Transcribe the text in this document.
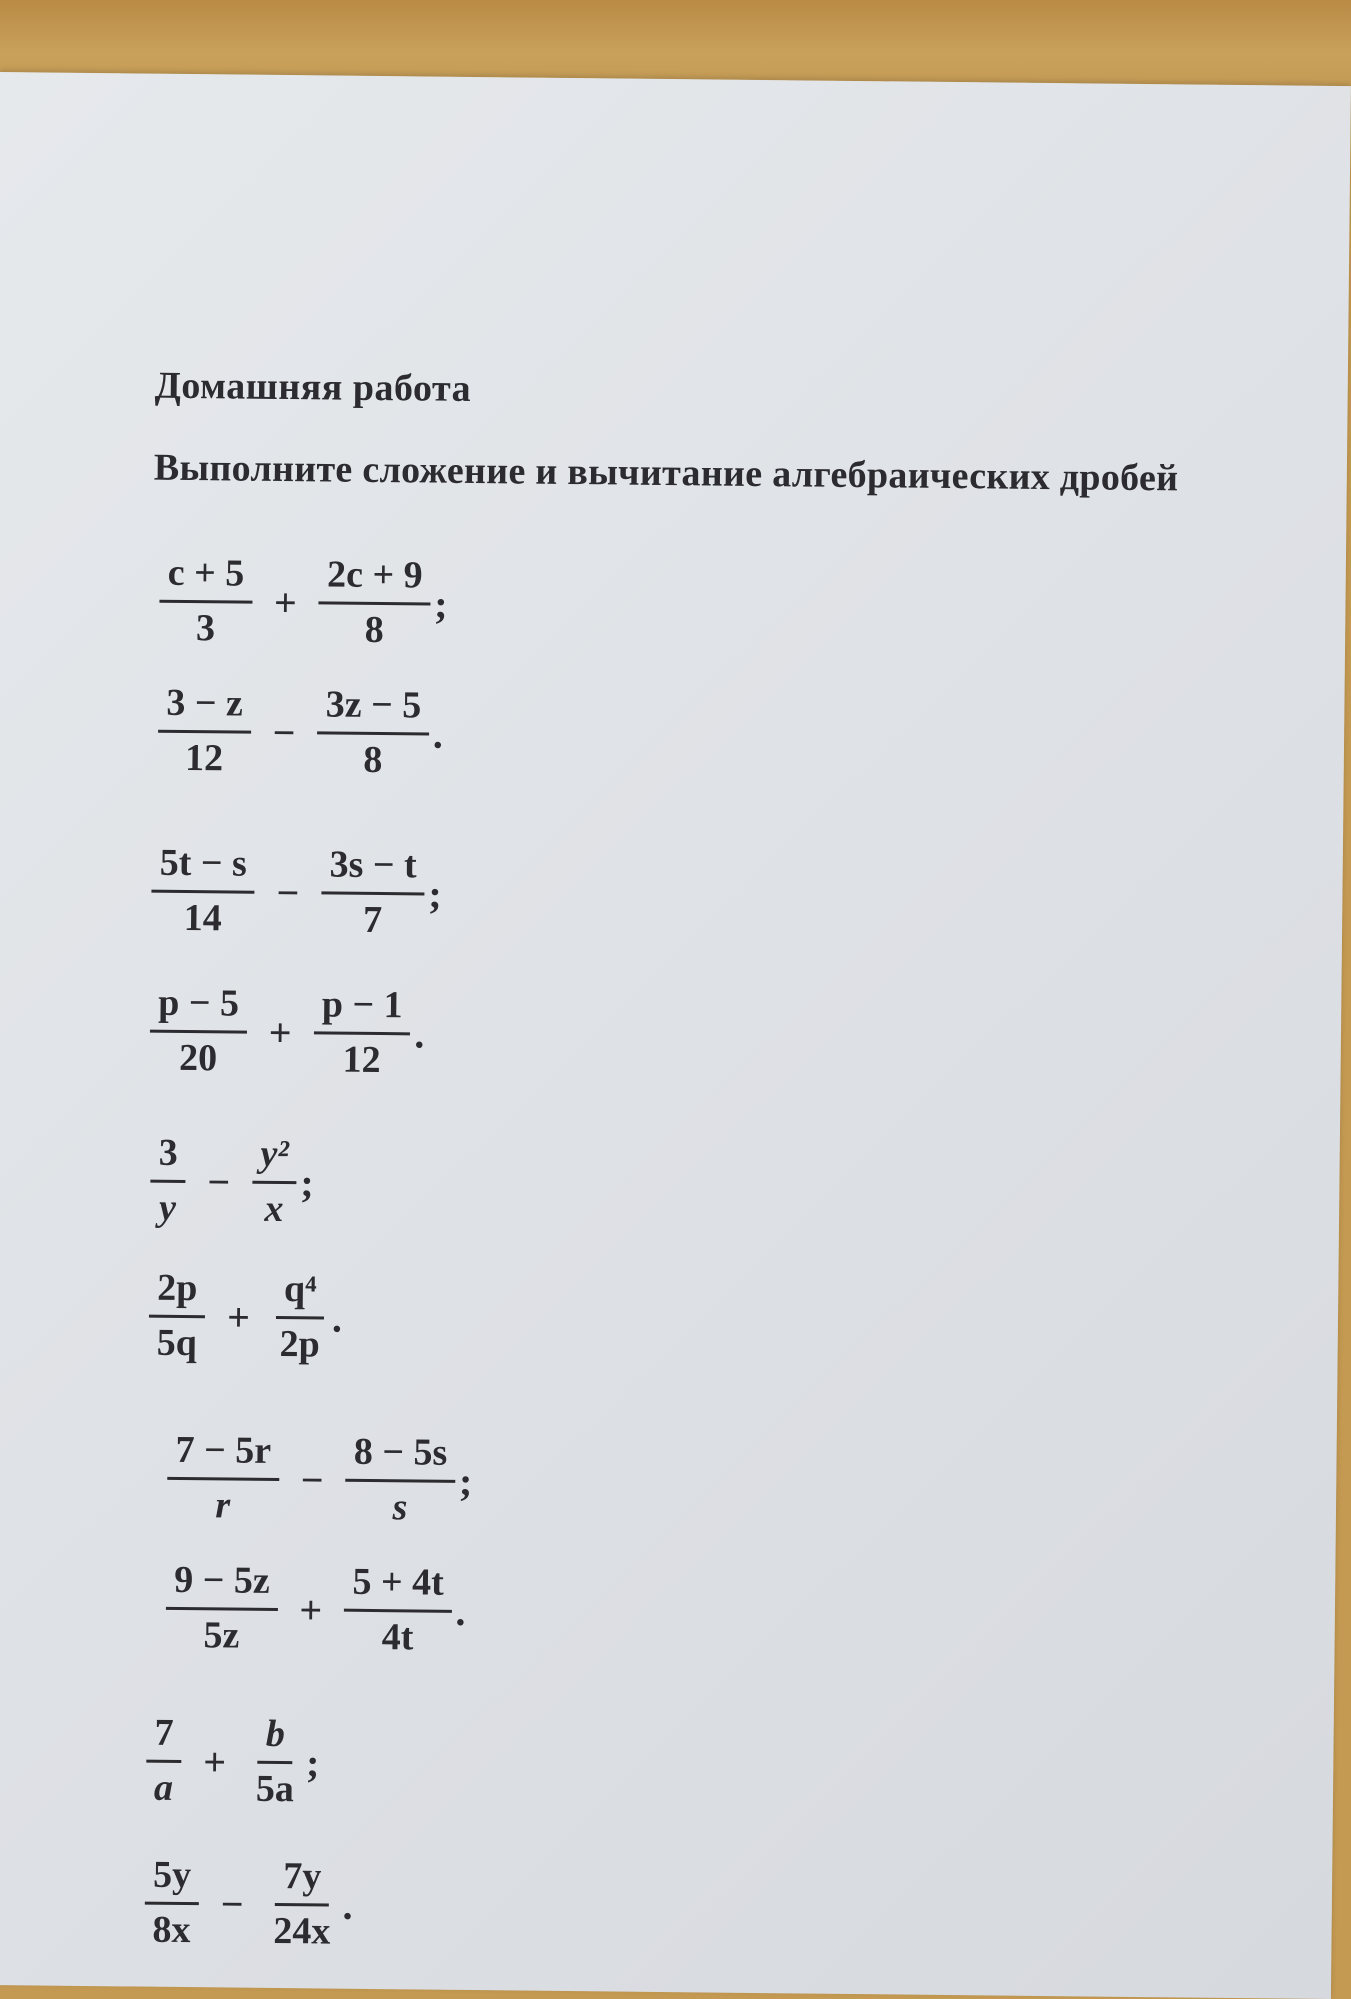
Домашняя работа
Выполните сложение и вычитание алгебраических дробей
$\frac{c + 5}{3} + \frac{2c + 9}{8}$ ;
$\frac{3 - z}{12} - \frac{3z - 5}{8}$ .
$\frac{5t - s}{14} - \frac{3s - t}{7}$ ;
$\frac{p - 5}{20} + \frac{p - 1}{12}$ .
$\frac{3}{y} - \frac{\text{y²}}{x}$ ;
$\frac{2p}{5q} + \frac{\text{q⁴}}{2p}$ .
$\frac{7 - 5r}{r} - \frac{8 - 5s}{s}$ ;
$\frac{9 - 5z}{5z} + \frac{5 + 4t}{4t}$ .
$\frac{7}{a} + \frac{b}{5a}$ ;
$\frac{5y}{8x} - \frac{7y}{24x}$ .
